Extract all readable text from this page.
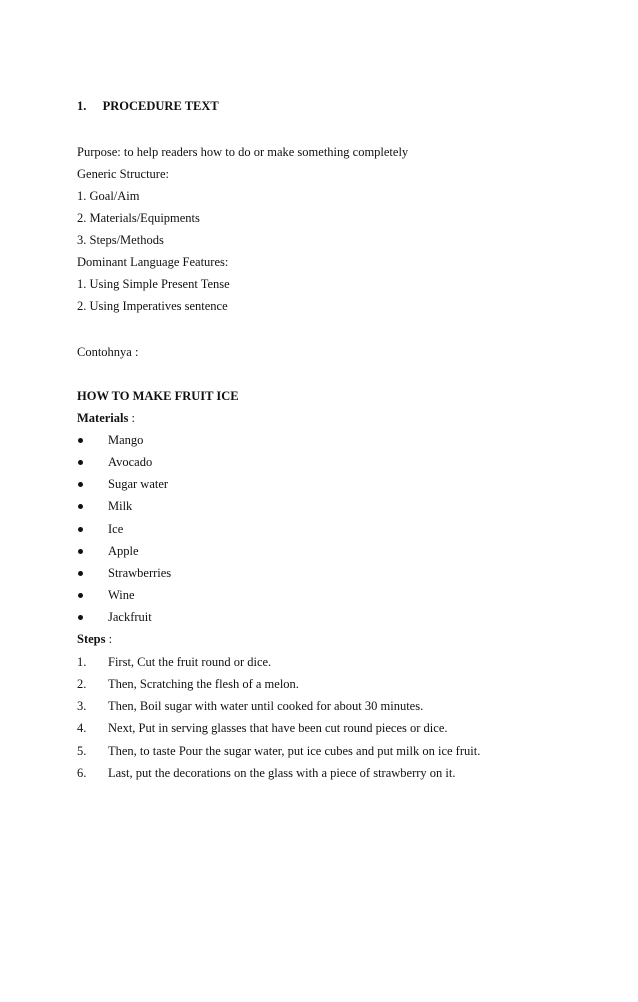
1. PROCEDURE TEXT
Purpose: to help readers how to do or make something completely
Generic Structure:
1. Goal/Aim
2. Materials/Equipments
3. Steps/Methods
Dominant Language Features:
1. Using Simple Present Tense
2. Using Imperatives sentence
Contohnya :
HOW TO MAKE FRUIT ICE
Materials :
Mango
Avocado
Sugar water
Milk
Ice
Apple
Strawberries
Wine
Jackfruit
Steps :
1. First, Cut the fruit round or dice.
2. Then, Scratching the flesh of a melon.
3. Then, Boil sugar with water until cooked for about 30 minutes.
4. Next, Put in serving glasses that have been cut round pieces or dice.
5. Then, to taste Pour the sugar water, put ice cubes and put milk on ice fruit.
6. Last, put the decorations on the glass with a piece of strawberry on it.
